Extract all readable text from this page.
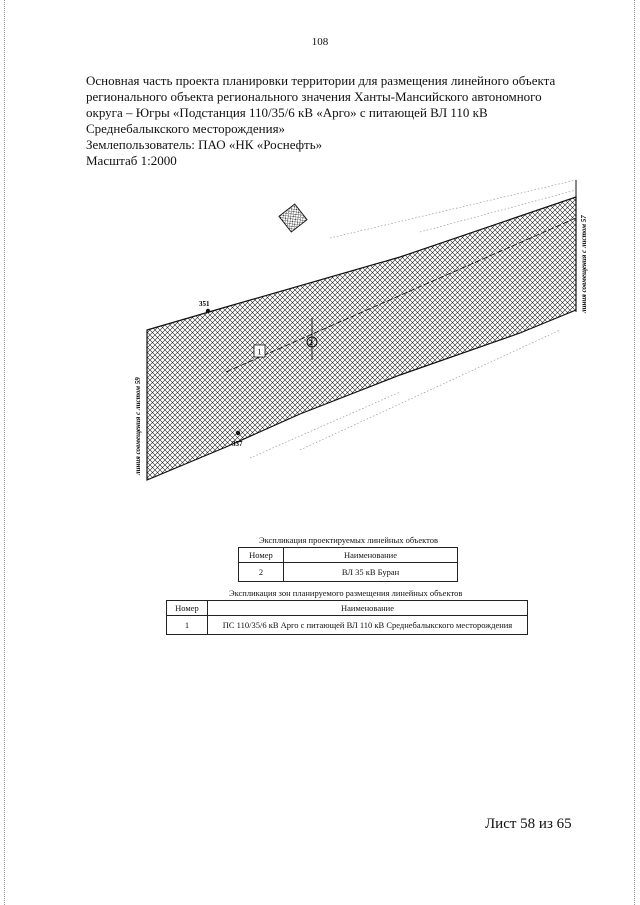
108
Основная часть проекта планировки территории для размещения линейного объекта
регионального объекта регионального значения Ханты-Мансийского автономного
округа – Югры «Подстанция 110/35/6 кВ «Арго» с питающей ВЛ 110 кВ
Среднебалыкского месторождения»
Землепользователь: ПАО «НК «Роснефть»
Масштаб 1:2000
1
2
351
337
линия совмещения с листом 59
линия совмещения с листом 57
Экспликация проектируемых линейных объектов
Номер	Наименование
2	ВЛ 35 кВ Буран
Экспликация зон планируемого размещения линейных объектов
Номер	Наименование
1	ПС 110/35/6 кВ Арго с питающей ВЛ 110 кВ Среднебалыкского месторождения
Лист 58 из 65
